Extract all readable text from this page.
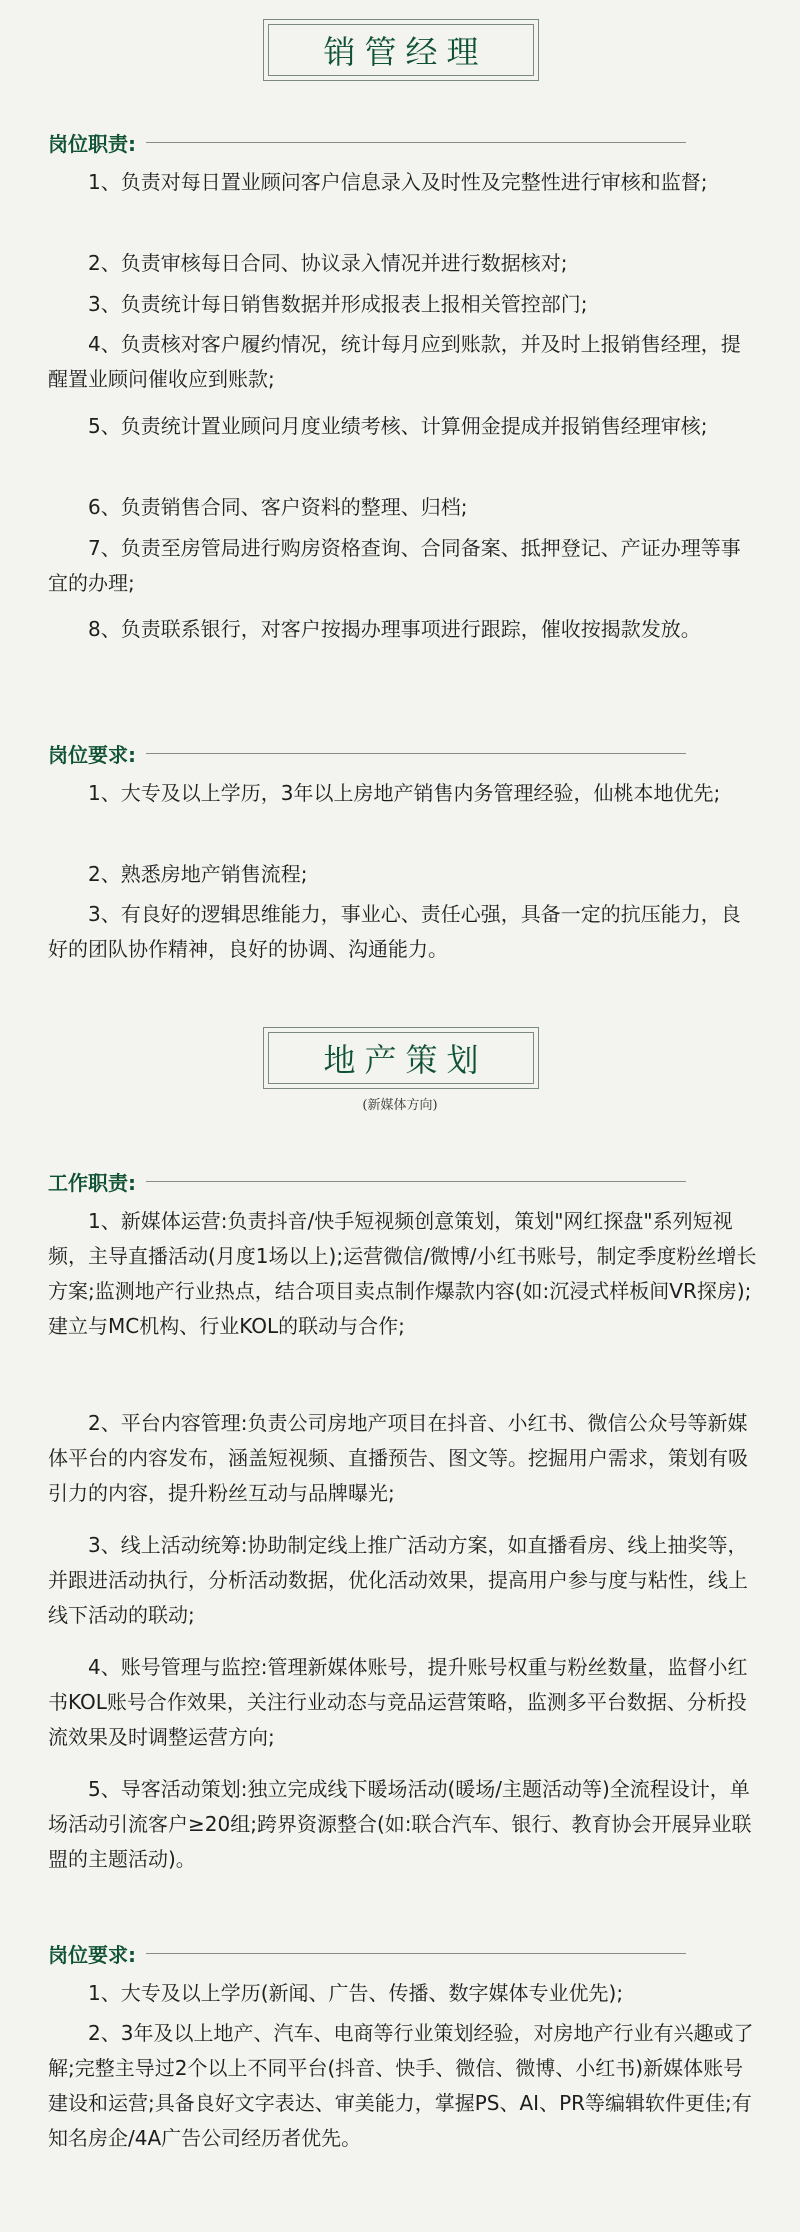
销管经理
岗位职责:

1、负责对每日置业顾问客户信息录入及时性及完整性进行审核和监督;

2、负责审核每日合同、协议录入情况并进行数据核对;

3、负责统计每日销售数据并形成报表上报相关管控部门;

4、负责核对客户履约情况，统计每月应到账款，并及时上报销售经理，提醒置业顾问催收应到账款;

5、负责统计置业顾问月度业绩考核、计算佣金提成并报销售经理审核;

6、负责销售合同、客户资料的整理、归档;

7、负责至房管局进行购房资格查询、合同备案、抵押登记、产证办理等事宜的办理;

8、负责联系银行，对客户按揭办理事项进行跟踪，催收按揭款发放。

岗位要求:

1、大专及以上学历，3年以上房地产销售内务管理经验，仙桃本地优先;

2、熟悉房地产销售流程;

3、有良好的逻辑思维能力，事业心、责任心强，具备一定的抗压能力，良好的团队协作精神，良好的协调、沟通能力。

地产策划
(新媒体方向)
工作职责:

1、新媒体运营:负责抖音/快手短视频创意策划，策划"网红探盘"系列短视频，主导直播活动(月度1场以上);运营微信/微博/小红书账号，制定季度粉丝增长方案;监测地产行业热点，结合项目卖点制作爆款内容(如:沉浸式样板间VR探房);建立与MC机构、行业KOL的联动与合作;

2、平台内容管理:负责公司房地产项目在抖音、小红书、微信公众号等新媒体平台的内容发布，涵盖短视频、直播预告、图文等。挖掘用户需求，策划有吸引力的内容，提升粉丝互动与品牌曝光;

3、线上活动统筹:协助制定线上推广活动方案，如直播看房、线上抽奖等，并跟进活动执行，分析活动数据，优化活动效果，提高用户参与度与粘性，线上线下活动的联动;

4、账号管理与监控:管理新媒体账号，提升账号权重与粉丝数量，监督小红书KOL账号合作效果，关注行业动态与竞品运营策略，监测多平台数据、分析投流效果及时调整运营方向;

5、导客活动策划:独立完成线下暖场活动(暖场/主题活动等)全流程设计，单场活动引流客户≥20组;跨界资源整合(如:联合汽车、银行、教育协会开展异业联盟的主题活动)。

岗位要求:

1、大专及以上学历(新闻、广告、传播、数字媒体专业优先);

2、3年及以上地产、汽车、电商等行业策划经验，对房地产行业有兴趣或了解;完整主导过2个以上不同平台(抖音、快手、微信、微博、小红书)新媒体账号建设和运营;具备良好文字表达、审美能力，掌握PS、AI、PR等编辑软件更佳;有知名房企/4A广告公司经历者优先。
